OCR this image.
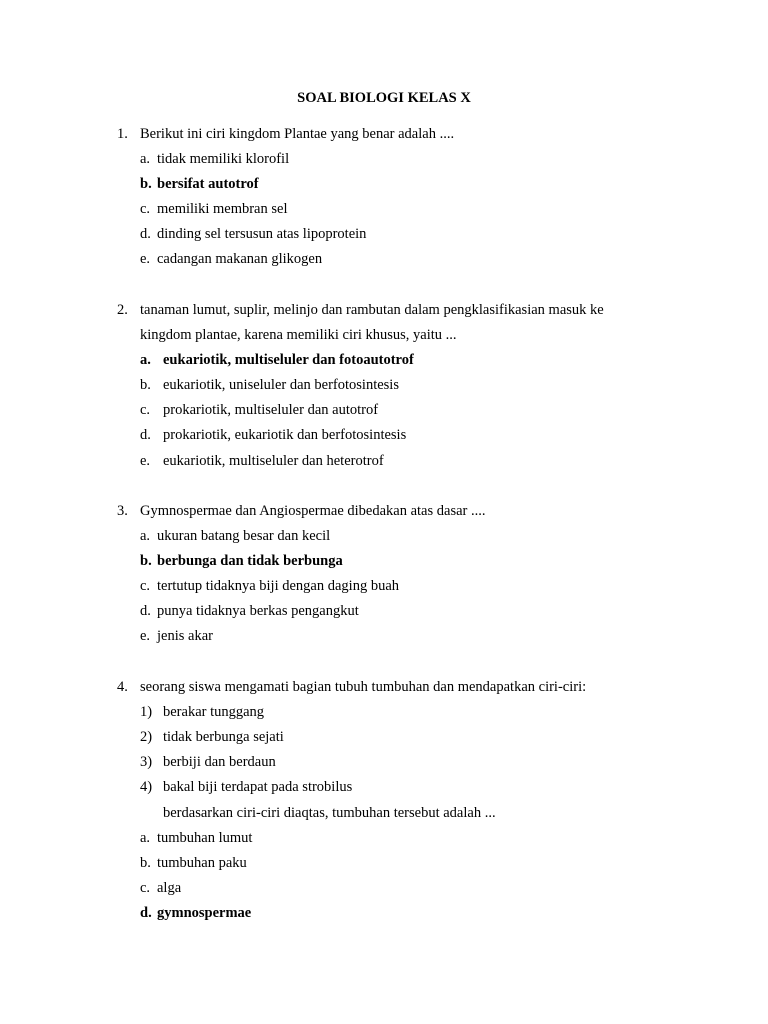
SOAL BIOLOGI KELAS X
1. Berikut ini ciri kingdom Plantae yang benar adalah ....
a. tidak memiliki klorofil
b. bersifat autotrof
c. memiliki membran sel
d. dinding sel tersusun atas lipoprotein
e. cadangan makanan glikogen
2. tanaman lumut, suplir, melinjo dan rambutan dalam pengklasifikasian masuk ke
kingdom plantae, karena memiliki ciri khusus, yaitu ...
a. eukariotik, multiseluler dan fotoautotrof
b. eukariotik, uniseluler dan berfotosintesis
c. prokariotik, multiseluler dan autotrof
d. prokariotik, eukariotik dan berfotosintesis
e. eukariotik, multiseluler dan heterotrof
3. Gymnospermae dan Angiospermae dibedakan atas dasar ....
a. ukuran batang besar dan kecil
b. berbunga dan tidak berbunga
c. tertutup tidaknya biji dengan daging buah
d. punya tidaknya berkas pengangkut
e. jenis akar
4. seorang siswa mengamati bagian tubuh tumbuhan dan mendapatkan ciri-ciri:
1) berakar tunggang
2) tidak berbunga sejati
3) berbiji dan berdaun
4) bakal biji terdapat pada strobilus
berdasarkan ciri-ciri diaqtas, tumbuhan tersebut adalah ...
a. tumbuhan lumut
b. tumbuhan paku
c. alga
d. gymnospermae
